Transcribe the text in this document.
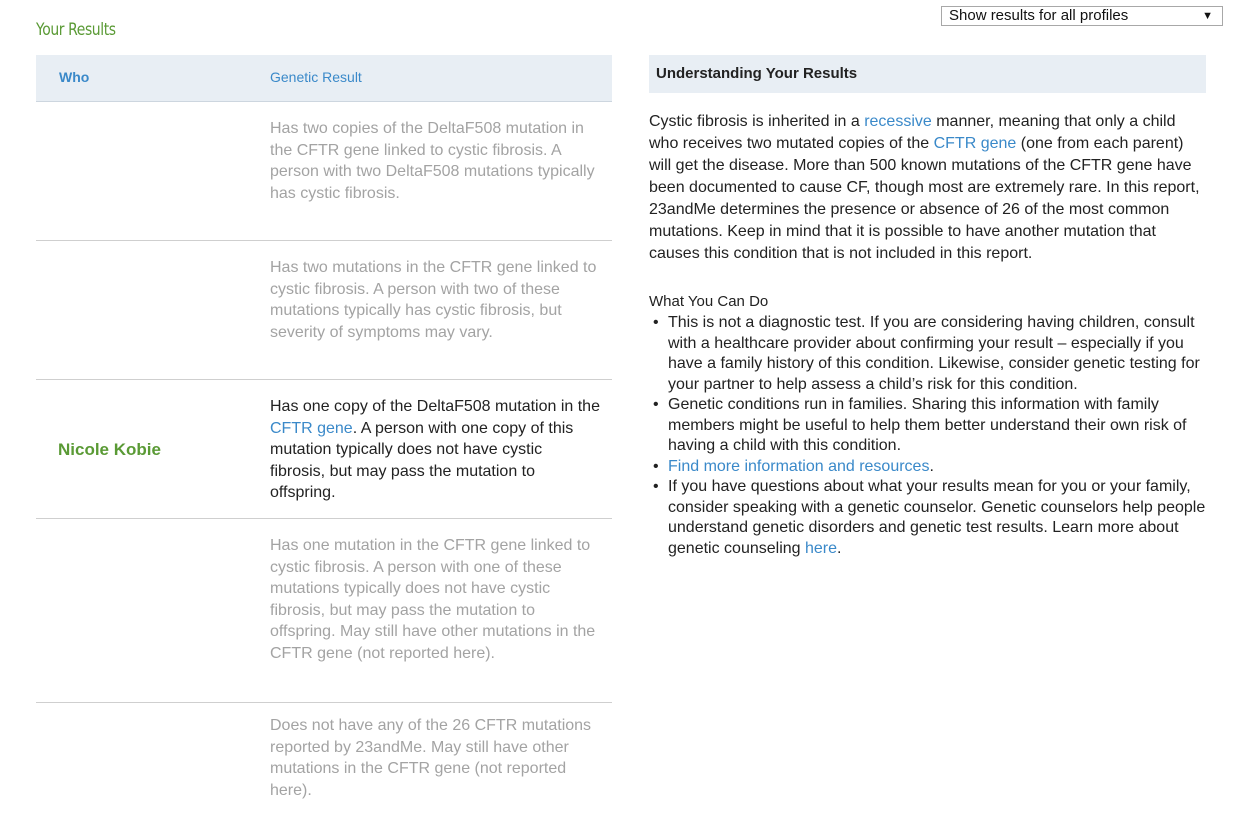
Your Results
Show results for all profiles	▼
Who	Genetic Result
Has two copies of the DeltaF508 mutation in the CFTR gene linked to cystic fibrosis. A person with two DeltaF508 mutations typically has cystic fibrosis.
Has two mutations in the CFTR gene linked to cystic fibrosis. A person with two of these mutations typically has cystic fibrosis, but severity of symptoms may vary.
Nicole Kobie
Has one copy of the DeltaF508 mutation in the CFTR gene. A person with one copy of this mutation typically does not have cystic fibrosis, but may pass the mutation to offspring.
Has one mutation in the CFTR gene linked to cystic fibrosis. A person with one of these mutations typically does not have cystic fibrosis, but may pass the mutation to offspring. May still have other mutations in the CFTR gene (not reported here).
Does not have any of the 26 CFTR mutations reported by 23andMe. May still have other mutations in the CFTR gene (not reported here).
Understanding Your Results
Cystic fibrosis is inherited in a recessive manner, meaning that only a child who receives two mutated copies of the CFTR gene (one from each parent) will get the disease. More than 500 known mutations of the CFTR gene have been documented to cause CF, though most are extremely rare. In this report, 23andMe determines the presence or absence of 26 of the most common mutations. Keep in mind that it is possible to have another mutation that causes this condition that is not included in this report.
What You Can Do
• This is not a diagnostic test. If you are considering having children, consult with a healthcare provider about confirming your result – especially if you have a family history of this condition. Likewise, consider genetic testing for your partner to help assess a child’s risk for this condition.
• Genetic conditions run in families. Sharing this information with family members might be useful to help them better understand their own risk of having a child with this condition.
• Find more information and resources.
• If you have questions about what your results mean for you or your family, consider speaking with a genetic counselor. Genetic counselors help people understand genetic disorders and genetic test results. Learn more about genetic counseling here.
